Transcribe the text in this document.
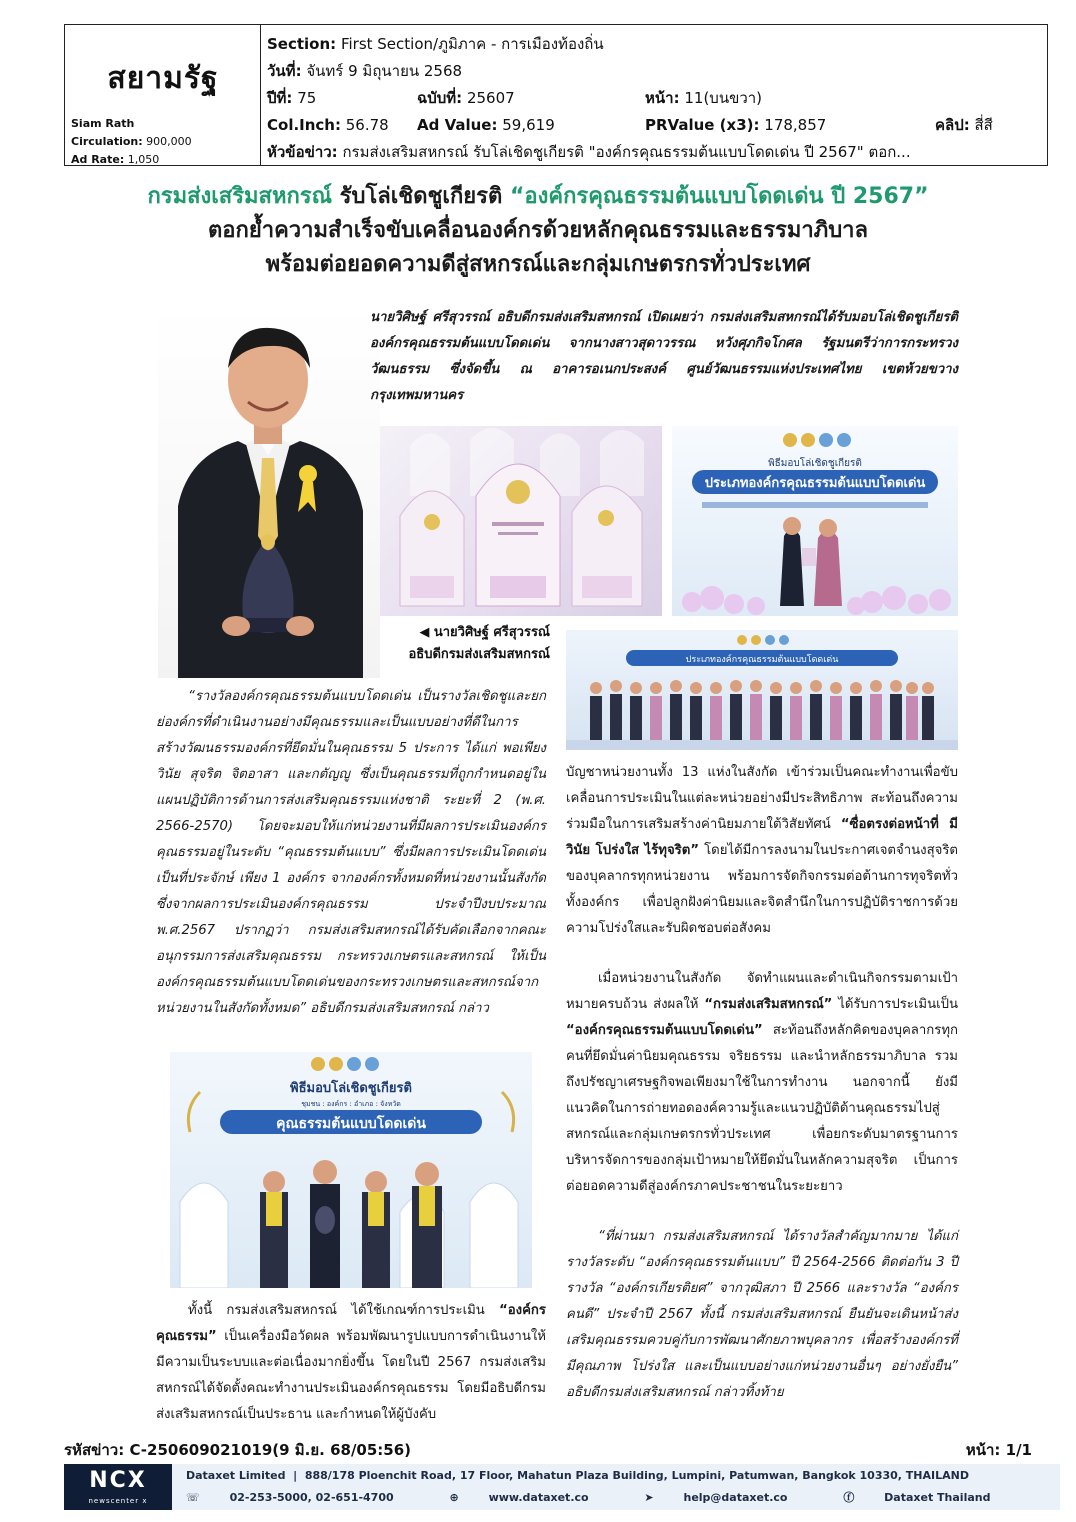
สยามรัฐ
Siam Rath
Circulation: 900,000
Ad Rate: 1,050
Section: First Section/ภูมิภาค - การเมืองท้องถิ่น
วันที่: จันทร์ 9 มิถุนายน 2568
ปีที่: 75	ฉบับที่: 25607	หน้า: 11(บนขวา)
Col.Inch: 56.78 Ad Value: 59,619	PRValue (x3): 178,857	คลิป: สี่สี
หัวข้อข่าว: กรมส่งเสริมสหกรณ์ รับโล่เชิดชูเกียรติ "องค์กรคุณธรรมต้นแบบโดดเด่น ปี 2567" ตอก...
กรมส่งเสริมสหกรณ์ รับโล่เชิดชูเกียรติ “องค์กรคุณธรรมต้นแบบโดดเด่น ปี 2567”
ตอกย้ำความสำเร็จขับเคลื่อนองค์กรด้วยหลักคุณธรรมและธรรมาภิบาล
พร้อมต่อยอดความดีสู่สหกรณ์และกลุ่มเกษตรกรทั่วประเทศ
พิธีมอบโล่เชิดชูเกียรติ
ประเภทองค์กรคุณธรรมต้นแบบโดดเด่น
ประเภทองค์กรคุณธรรมต้นแบบโดดเด่น
◀ นายวิศิษฐ์ ศรีสุวรรณ์
อธิบดีกรมส่งเสริมสหกรณ์
พิธีมอบโล่เชิดชูเกียรติ
ชุมชน : องค์กร : อำเภอ : จังหวัด
คุณธรรมต้นแบบโดดเด่น
นายวิศิษฐ์ ศรีสุวรรณ์ อธิบดีกรมส่งเสริมสหกรณ์ เปิดเผยว่า กรมส่งเสริมสหกรณ์ได้รับมอบโล่เชิดชูเกียรติ องค์กรคุณธรรมต้นแบบโดดเด่น จากนางสาวสุดาวรรณ หวังศุภกิจโกศล รัฐมนตรีว่าการกระทรวงวัฒนธรรม ซึ่งจัดขึ้น ณ อาคารอเนกประสงค์ ศูนย์วัฒนธรรมแห่งประเทศไทย เขตห้วยขวาง กรุงเทพมหานคร
“รางวัลองค์กรคุณธรรมต้นแบบโดดเด่น เป็นรางวัลเชิดชูและยกย่องค์กรที่ดำเนินงานอย่างมีคุณธรรมและเป็นแบบอย่างที่ดีในการสร้างวัฒนธรรมองค์กรที่ยึดมั่นในคุณธรรม 5 ประการ ได้แก่ พอเพียง วินัย สุจริต จิตอาสา และกตัญญู ซึ่งเป็นคุณธรรมที่ถูกกำหนดอยู่ในแผนปฏิบัติการด้านการส่งเสริมคุณธรรมแห่งชาติ ระยะที่ 2 (พ.ศ. 2566-2570) โดยจะมอบให้แก่หน่วยงานที่มีผลการประเมินองค์กรคุณธรรมอยู่ในระดับ “คุณธรรมต้นแบบ” ซึ่งมีผลการประเมินโดดเด่นเป็นที่ประจักษ์ เพียง 1 องค์กร จากองค์กรทั้งหมดที่หน่วยงานนั้นสังกัด ซึ่งจากผลการประเมินองค์กรคุณธรรม ประจำปีงบประมาณ พ.ศ.2567 ปรากฏว่า กรมส่งเสริมสหกรณ์ได้รับคัดเลือกจากคณะอนุกรรมการส่งเสริมคุณธรรม กระทรวงเกษตรและสหกรณ์ ให้เป็นองค์กรคุณธรรมต้นแบบโดดเด่นของกระทรวงเกษตรและสหกรณ์จากหน่วยงานในสังกัดทั้งหมด” อธิบดีกรมส่งเสริมสหกรณ์ กล่าว
ทั้งนี้ กรมส่งเสริมสหกรณ์ ได้ใช้เกณฑ์การประเมิน “องค์กรคุณธรรม” เป็นเครื่องมือวัดผล พร้อมพัฒนารูปแบบการดำเนินงานให้มีความเป็นระบบและต่อเนื่องมากยิ่งขึ้น โดยในปี 2567 กรมส่งเสริมสหกรณ์ได้จัดตั้งคณะทำงานประเมินองค์กรคุณธรรม โดยมีอธิบดีกรมส่งเสริมสหกรณ์เป็นประธาน และกำหนดให้ผู้บังคับ
บัญชาหน่วยงานทั้ง 13 แห่งในสังกัด เข้าร่วมเป็นคณะทำงานเพื่อขับเคลื่อนการประเมินในแต่ละหน่วยอย่างมีประสิทธิภาพ สะท้อนถึงความร่วมมือในการเสริมสร้างค่านิยมภายใต้วิสัยทัศน์ “ซื่อตรงต่อหน้าที่ มีวินัย โปร่งใส ไร้ทุจริต” โดยได้มีการลงนามในประกาศเจตจำนงสุจริตของบุคลากรทุกหน่วยงาน พร้อมการจัดกิจกรรมต่อต้านการทุจริตทั่วทั้งองค์กร เพื่อปลูกฝังค่านิยมและจิตสำนึกในการปฏิบัติราชการด้วยความโปร่งใสและรับผิดชอบต่อสังคม
เมื่อหน่วยงานในสังกัด จัดทำแผนและดำเนินกิจกรรมตามเป้าหมายครบถ้วน ส่งผลให้ “กรมส่งเสริมสหกรณ์” ได้รับการประเมินเป็น “องค์กรคุณธรรมต้นแบบโดดเด่น” สะท้อนถึงหลักคิดของบุคลากรทุกคนที่ยึดมั่นค่านิยมคุณธรรม จริยธรรม และนำหลักธรรมาภิบาล รวมถึงปรัชญาเศรษฐกิจพอเพียงมาใช้ในการทำงาน นอกจากนี้ ยังมีแนวคิดในการถ่ายทอดองค์ความรู้และแนวปฏิบัติด้านคุณธรรมไปสู่สหกรณ์และกลุ่มเกษตรกรทั่วประเทศ เพื่อยกระดับมาตรฐานการบริหารจัดการของกลุ่มเป้าหมายให้ยึดมั่นในหลักความสุจริต เป็นการต่อยอดความดีสู่องค์กรภาคประชาชนในระยะยาว
“ที่ผ่านมา กรมส่งเสริมสหกรณ์ ได้รางวัลสำคัญมากมาย ได้แก่ รางวัลระดับ “องค์กรคุณธรรมต้นแบบ” ปี 2564-2566 ติดต่อกัน 3 ปี รางวัล “องค์กรเกียรติยศ” จากวุฒิสภา ปี 2566 และรางวัล “องค์กรคนดี” ประจำปี 2567 ทั้งนี้ กรมส่งเสริมสหกรณ์ ยืนยันจะเดินหน้าส่งเสริมคุณธรรมควบคู่กับการพัฒนาศักยภาพบุคลากร เพื่อสร้างองค์กรที่มีคุณภาพ โปร่งใส และเป็นแบบอย่างแก่หน่วยงานอื่นๆ อย่างยั่งยืน” อธิบดีกรมส่งเสริมสหกรณ์ กล่าวทิ้งท้าย
รหัสข่าว: C-250609021019(9 มิ.ย. 68/05:56)	หน้า: 1/1
NCX
newscenter x
Dataxet Limited  |  888/178 Ploenchit Road, 17 Floor, Mahatun Plaza Building, Lumpini, Patumwan, Bangkok 10330, THAILAND
☏	02-253-5000, 02-651-4700	⊕	www.dataxet.co	➤	help@dataxet.co	ⓕ	Dataxet Thailand
